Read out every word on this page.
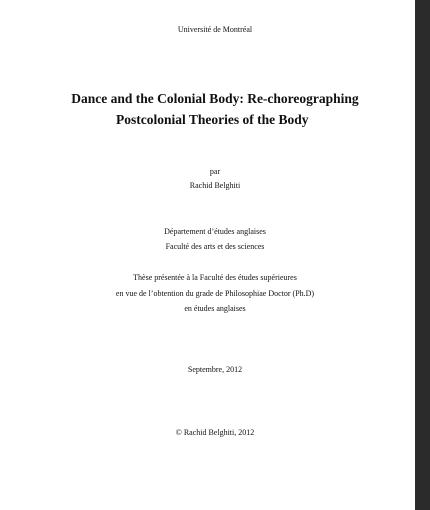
Université de Montréal
Dance and the Colonial Body: Re-choreographing
Postcolonial Theories of the Body
par
Rachid Belghiti
Département d’études anglaises
Faculté des arts et des sciences
Thèse présentée à la Faculté des études supérieures
en vue de l’obtention du grade de Philosophiae Doctor (Ph.D)
en études anglaises
Septembre, 2012
© Rachid Belghiti, 2012
